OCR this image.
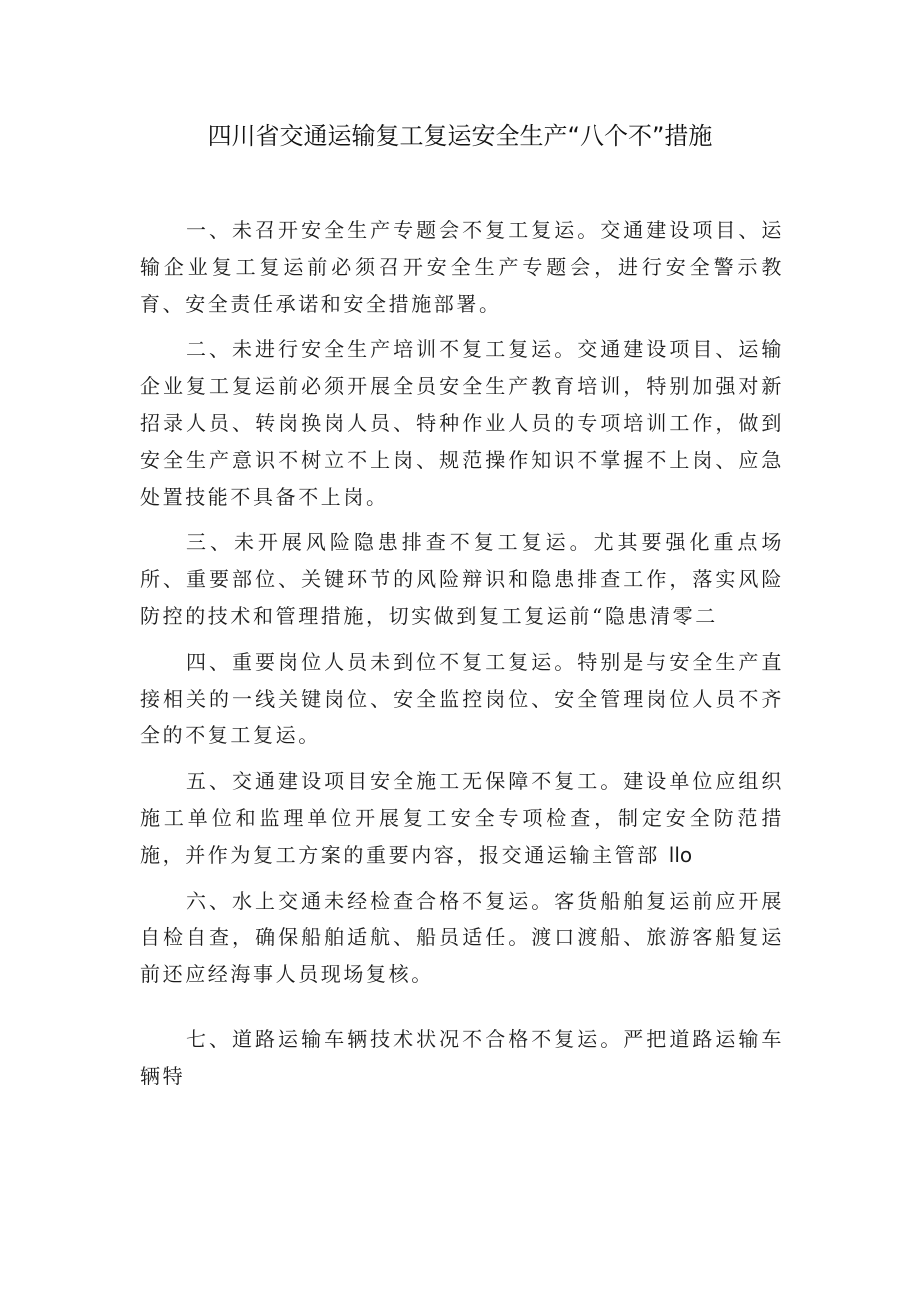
四川省交通运输复工复运安全生产“八个不”措施

一、未召开安全生产专题会不复工复运。交通建设项目、运输企业复工复运前必须召开安全生产专题会，进行安全警示教育、安全责任承诺和安全措施部署。

二、未进行安全生产培训不复工复运。交通建设项目、运输企业复工复运前必须开展全员安全生产教育培训，特别加强对新招录人员、转岗换岗人员、特种作业人员的专项培训工作，做到安全生产意识不树立不上岗、规范操作知识不掌握不上岗、应急处置技能不具备不上岗。

三、未开展风险隐患排查不复工复运。尤其要强化重点场所、重要部位、关键环节的风险辩识和隐患排查工作，落实风险防控的技术和管理措施，切实做到复工复运前“隐患清零二

四、重要岗位人员未到位不复工复运。特别是与安全生产直接相关的一线关键岗位、安全监控岗位、安全管理岗位人员不齐全的不复工复运。

五、交通建设项目安全施工无保障不复工。建设单位应组织施工单位和监理单位开展复工安全专项检查，制定安全防范措施，并作为复工方案的重要内容，报交通运输主管部 llo

六、水上交通未经检查合格不复运。客货船舶复运前应开展自检自查，确保船舶适航、船员适任。渡口渡船、旅游客船复运前还应经海事人员现场复核。

七、道路运输车辆技术状况不合格不复运。严把道路运输车辆特
